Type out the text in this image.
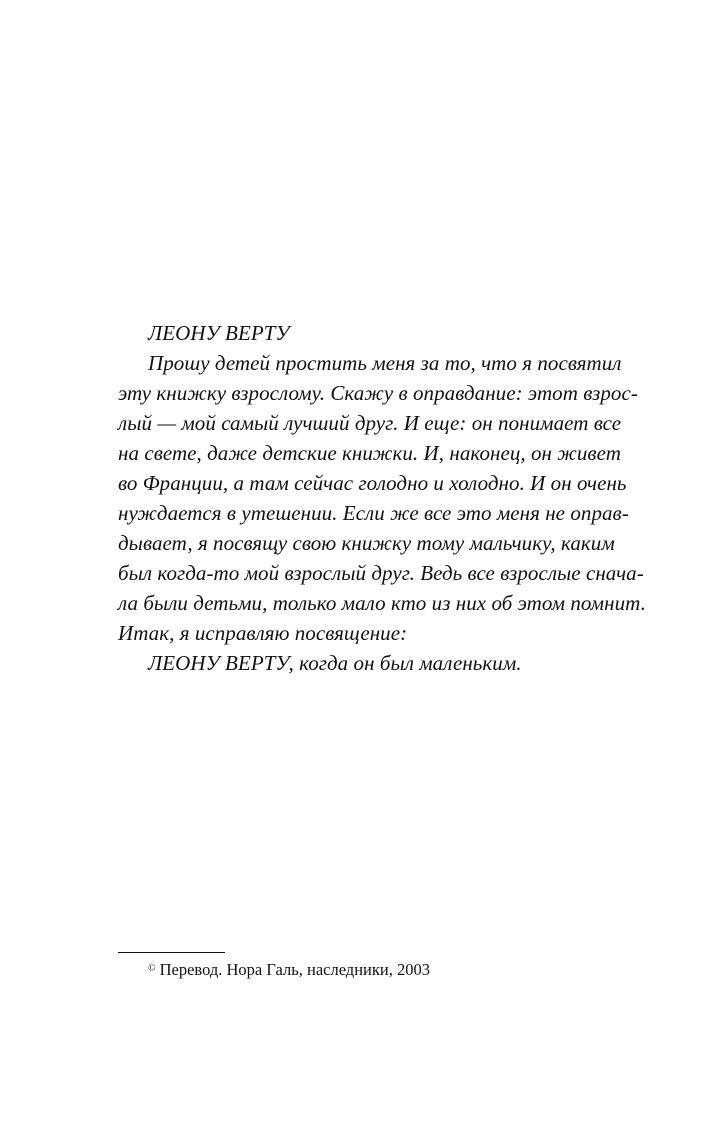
ЛЕОНУ ВЕРТУ
Прошу детей простить меня за то, что я посвятил
эту книжку взрослому. Скажу в оправдание: этот взрос-
лый — мой самый лучший друг. И еще: он понимает все
на свете, даже детские книжки. И, наконец, он живет
во Франции, а там сейчас голодно и холодно. И он очень
нуждается в утешении. Если же все это меня не оправ-
дывает, я посвящу свою книжку тому мальчику, каким
был когда-то мой взрослый друг. Ведь все взрослые снача-
ла были детьми, только мало кто из них об этом помнит.
Итак, я исправляю посвящение:
ЛЕОНУ ВЕРТУ, когда он был маленьким.
© Перевод. Нора Галь, наследники, 2003
